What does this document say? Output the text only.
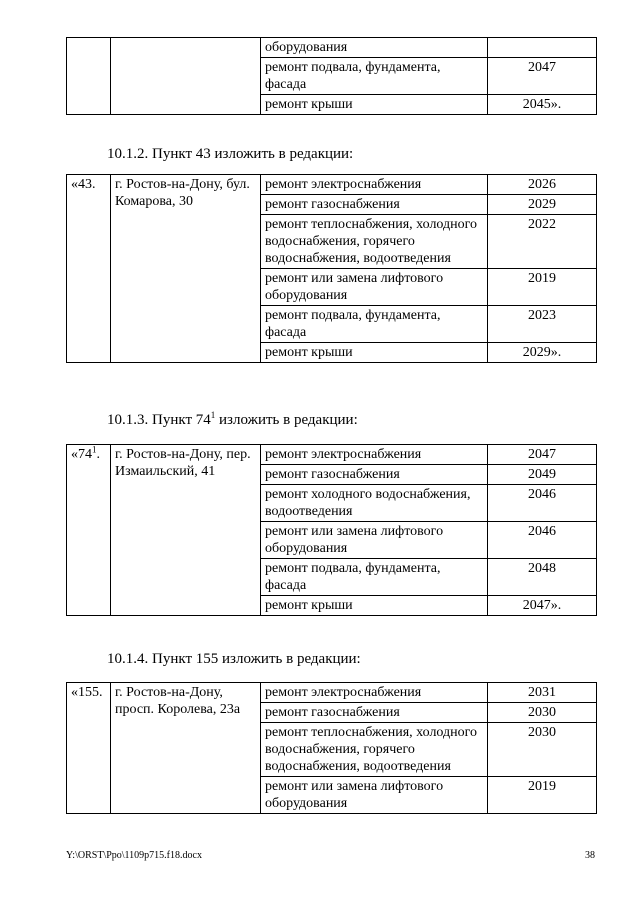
		оборудования	
		ремонт подвала, фундамента, фасада	2047
		ремонт крыши	2045».

10.1.2. Пункт 43 изложить в редакции:

«43.	г. Ростов-на-Дону, бул. Комарова, 30	ремонт электроснабжения	2026
		ремонт газоснабжения	2029
		ремонт теплоснабжения, холодного водоснабжения, горячего водоснабжения, водоотведения	2022
		ремонт или замена лифтового оборудования	2019
		ремонт подвала, фундамента, фасада	2023
		ремонт крыши	2029».

10.1.3. Пункт $74^1$ изложить в редакции:

«$74^1$.	г. Ростов-на-Дону, пер. Измаильский, 41	ремонт электроснабжения	2047
		ремонт газоснабжения	2049
		ремонт холодного водоснабжения, водоотведения	2046
		ремонт или замена лифтового оборудования	2046
		ремонт подвала, фундамента, фасада	2048
		ремонт крыши	2047».

10.1.4. Пункт 155 изложить в редакции:

«155.	г. Ростов-на-Дону, просп. Королева, 23а	ремонт электроснабжения	2031
		ремонт газоснабжения	2030
		ремонт теплоснабжения, холодного водоснабжения, горячего водоснабжения, водоотведения	2030
		ремонт или замена лифтового оборудования	2019
Y:\ORST\Ppo\1109p715.f18.docx	38
